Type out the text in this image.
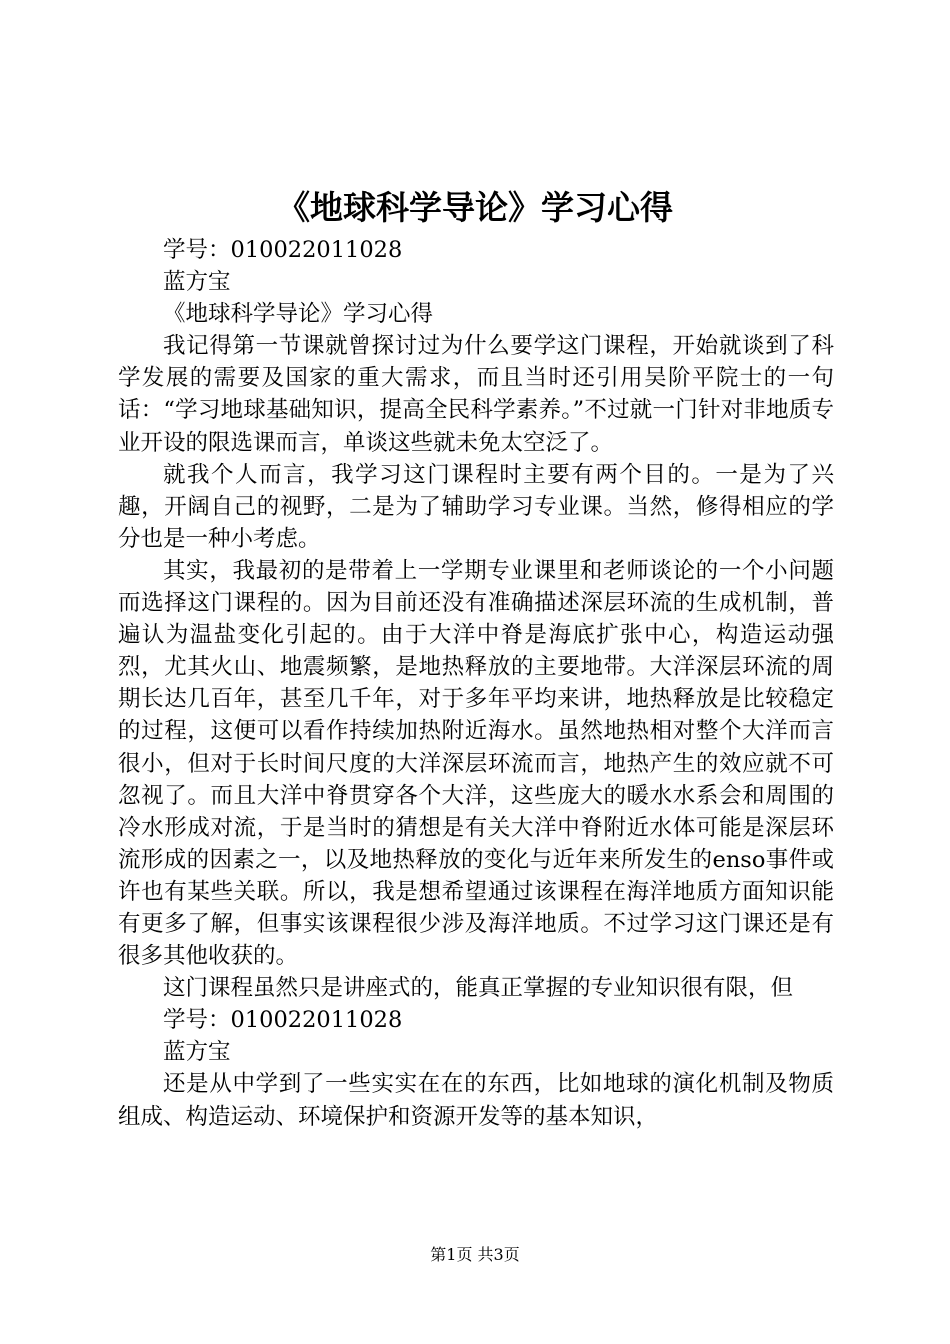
《地球科学导论》学习心得

学号：010022011028

蓝方宝

《地球科学导论》学习心得

我记得第一节课就曾探讨过为什么要学这门课程，开始就谈到了科学发展的需要及国家的重大需求，而且当时还引用吴阶平院士的一句话：“学习地球基础知识，提高全民科学素养。”不过就一门针对非地质专业开设的限选课而言，单谈这些就未免太空泛了。

就我个人而言，我学习这门课程时主要有两个目的。一是为了兴趣，开阔自己的视野，二是为了辅助学习专业课。当然，修得相应的学分也是一种小考虑。

其实，我最初的是带着上一学期专业课里和老师谈论的一个小问题而选择这门课程的。因为目前还没有准确描述深层环流的生成机制，普遍认为温盐变化引起的。由于大洋中脊是海底扩张中心，构造运动强烈，尤其火山、地震频繁，是地热释放的主要地带。大洋深层环流的周期长达几百年，甚至几千年，对于多年平均来讲，地热释放是比较稳定的过程，这便可以看作持续加热附近海水。虽然地热相对整个大洋而言很小，但对于长时间尺度的大洋深层环流而言，地热产生的效应就不可忽视了。而且大洋中脊贯穿各个大洋，这些庞大的暖水水系会和周围的冷水形成对流，于是当时的猜想是有关大洋中脊附近水体可能是深层环流形成的因素之一，以及地热释放的变化与近年来所发生的enso事件或许也有某些关联。所以，我是想希望通过该课程在海洋地质方面知识能有更多了解，但事实该课程很少涉及海洋地质。不过学习这门课还是有很多其他收获的。

这门课程虽然只是讲座式的，能真正掌握的专业知识很有限，但

学号：010022011028

蓝方宝

还是从中学到了一些实实在在的东西，比如地球的演化机制及物质组成、构造运动、环境保护和资源开发等的基本知识，

第1页 共3页
